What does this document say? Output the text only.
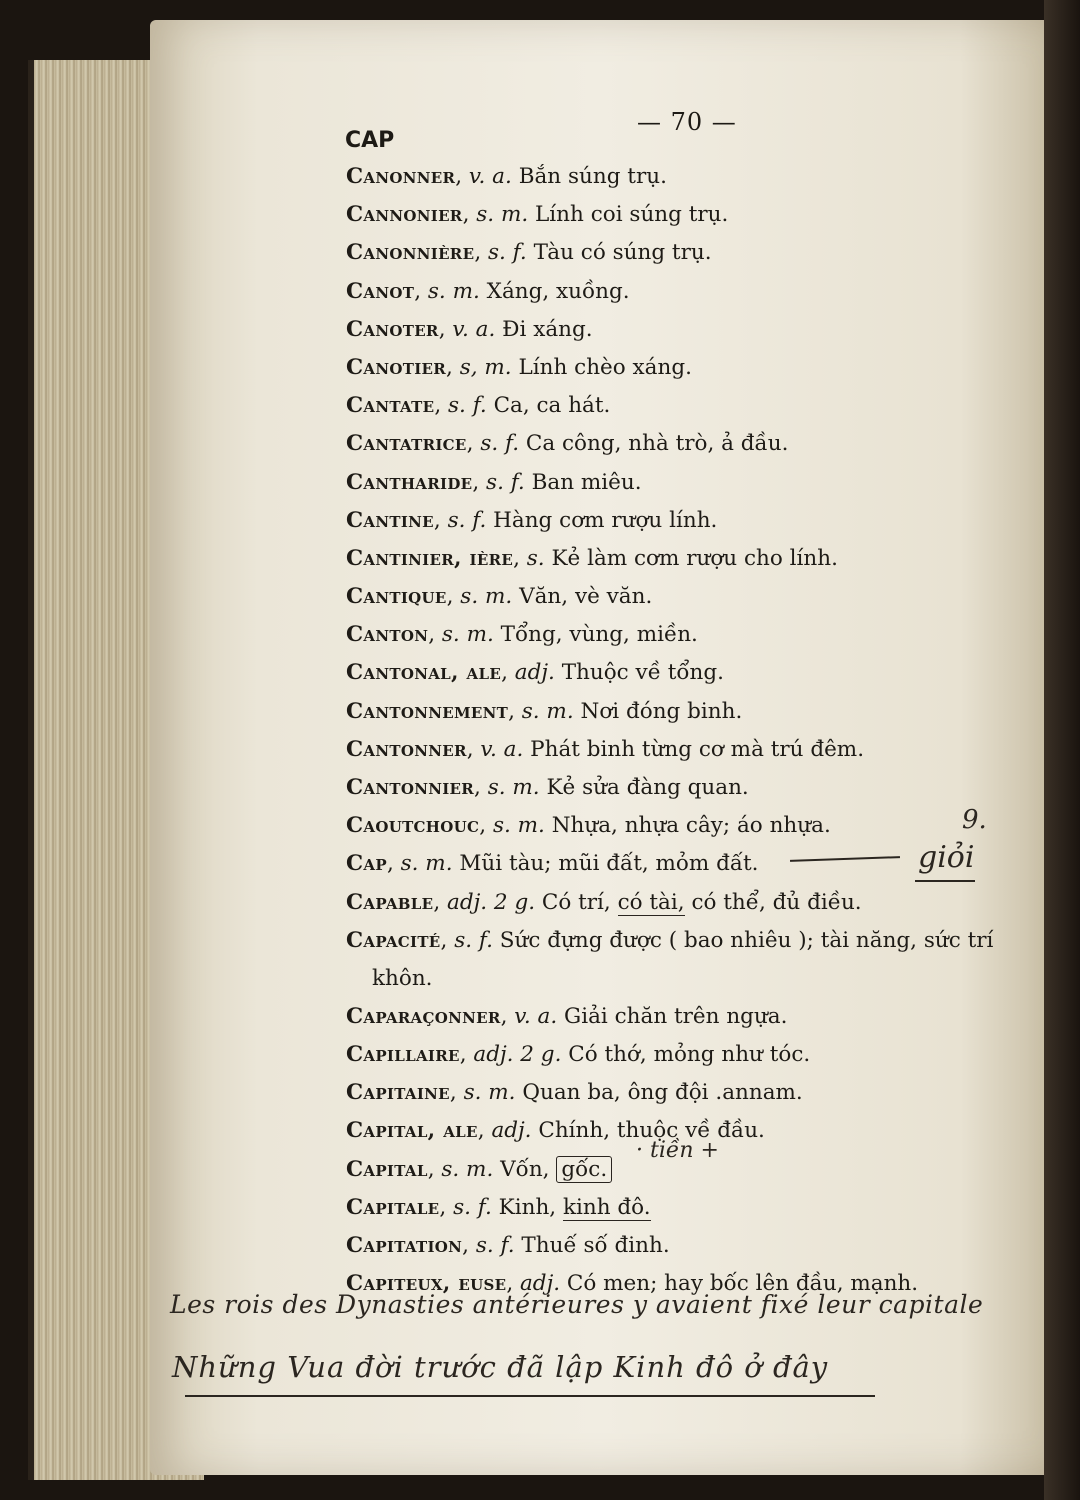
CAP
— 70 —
Canonner, v. a. Bắn súng trụ.
Cannonier, s. m. Lính coi súng trụ.
Canonnière, s. f. Tàu có súng trụ.
Canot, s. m. Xáng, xuồng.
Canoter, v. a. Đi xáng.
Canotier, s, m. Lính chèo xáng.
Cantate, s. f. Ca, ca hát.
Cantatrice, s. f. Ca công, nhà trò, ả đầu.
Cantharide, s. f. Ban miêu.
Cantine, s. f. Hàng cơm rượu lính.
Cantinier, ière, s. Kẻ làm cơm rượu cho lính.
Cantique, s. m. Văn, vè văn.
Canton, s. m. Tổng, vùng, miền.
Cantonal, ale, adj. Thuộc về tổng.
Cantonnement, s. m. Nơi đóng binh.
Cantonner, v. a. Phát binh từng cơ mà trú đêm.
Cantonnier, s. m. Kẻ sửa đàng quan.
Caoutchouc, s. m. Nhựa, nhựa cây; áo nhựa.
Cap, s. m. Mũi tàu; mũi đất, mỏm đất.
Capable, adj. 2 g. Có trí, có tài, có thể, đủ điều.
Capacité, s. f. Sức đựng được ( bao nhiêu ); tài năng, sức trí
khôn.
Caparaçonner, v. a. Giải chăn trên ngựa.
Capillaire, adj. 2 g. Có thớ, mỏng như tóc.
Capitaine, s. m. Quan ba, ông đội .annam.
Capital, ale, adj. Chính, thuộc về đầu.
Capital, s. m. Vốn, gốc.
Capitale, s. f. Kinh, kinh đô.
Capitation, s. f. Thuế số đinh.
Capiteux, euse, adj. Có men; hay bốc lên đầu, mạnh.
· tiền +
9.
giỏi
Les rois des Dynasties antérieures y avaient fixé leur capitale
Những Vua đời trước đã lập Kinh đô ở đây
